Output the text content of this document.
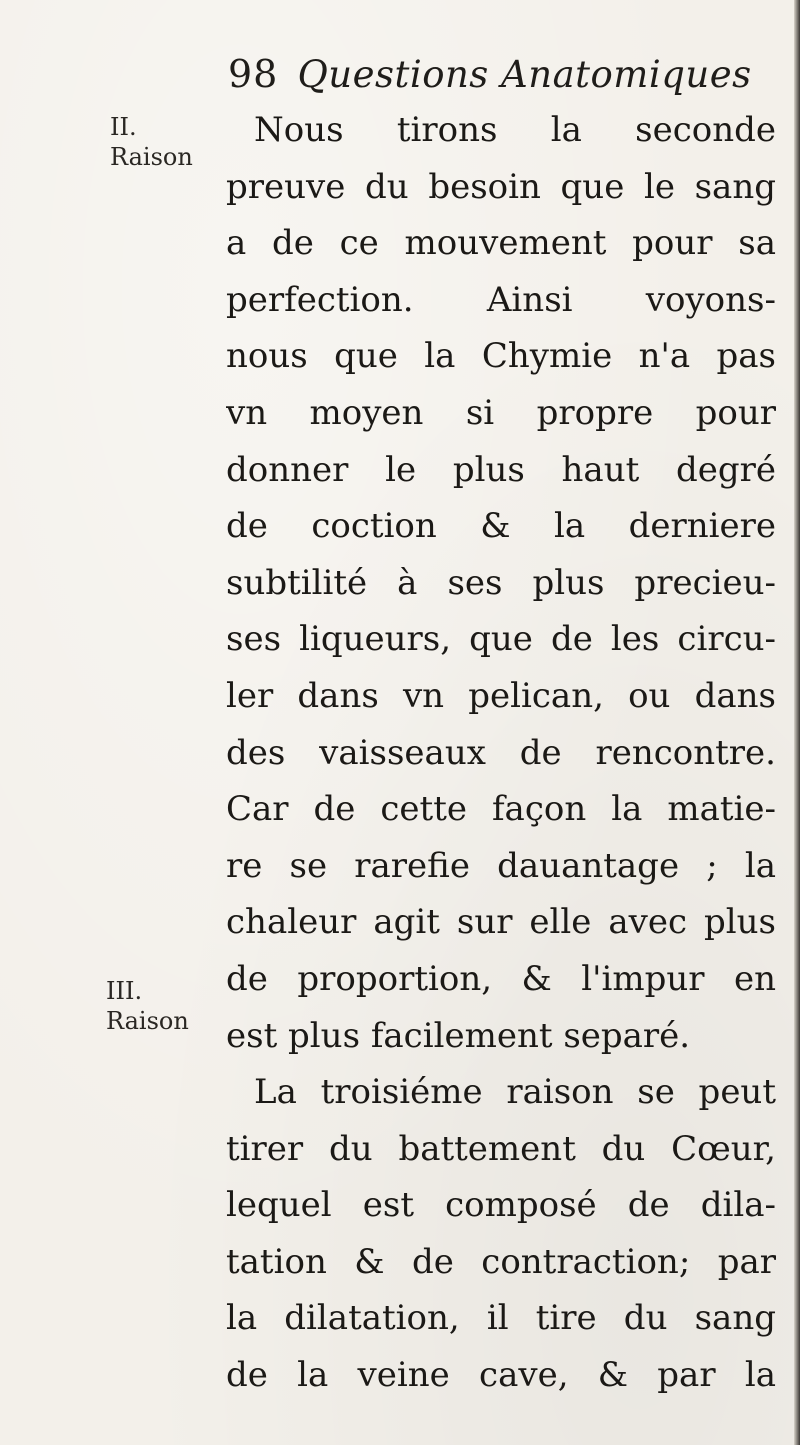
98 Questions Anatomiques
II.
Raison
III.
Raison
Nous tirons la seconde
preuve du besoin que le sang
a de ce mouvement pour sa
perfection. Ainsi voyons-
nous que la Chymie n'a pas
vn moyen si propre pour
donner le plus haut degré
de coction & la derniere
subtilité à ses plus precieu-
ses liqueurs, que de les circu-
ler dans vn pelican, ou dans
des vaisseaux de rencontre.
Car de cette façon la matie-
re se rarefie dauantage ; la
chaleur agit sur elle avec plus
de proportion, & l'impur en
est plus facilement separé.
La troisiéme raison se peut
tirer du battement du Cœur,
lequel est composé de dila-
tation & de contraction; par
la dilatation, il tire du sang
de la veine cave, & par la
